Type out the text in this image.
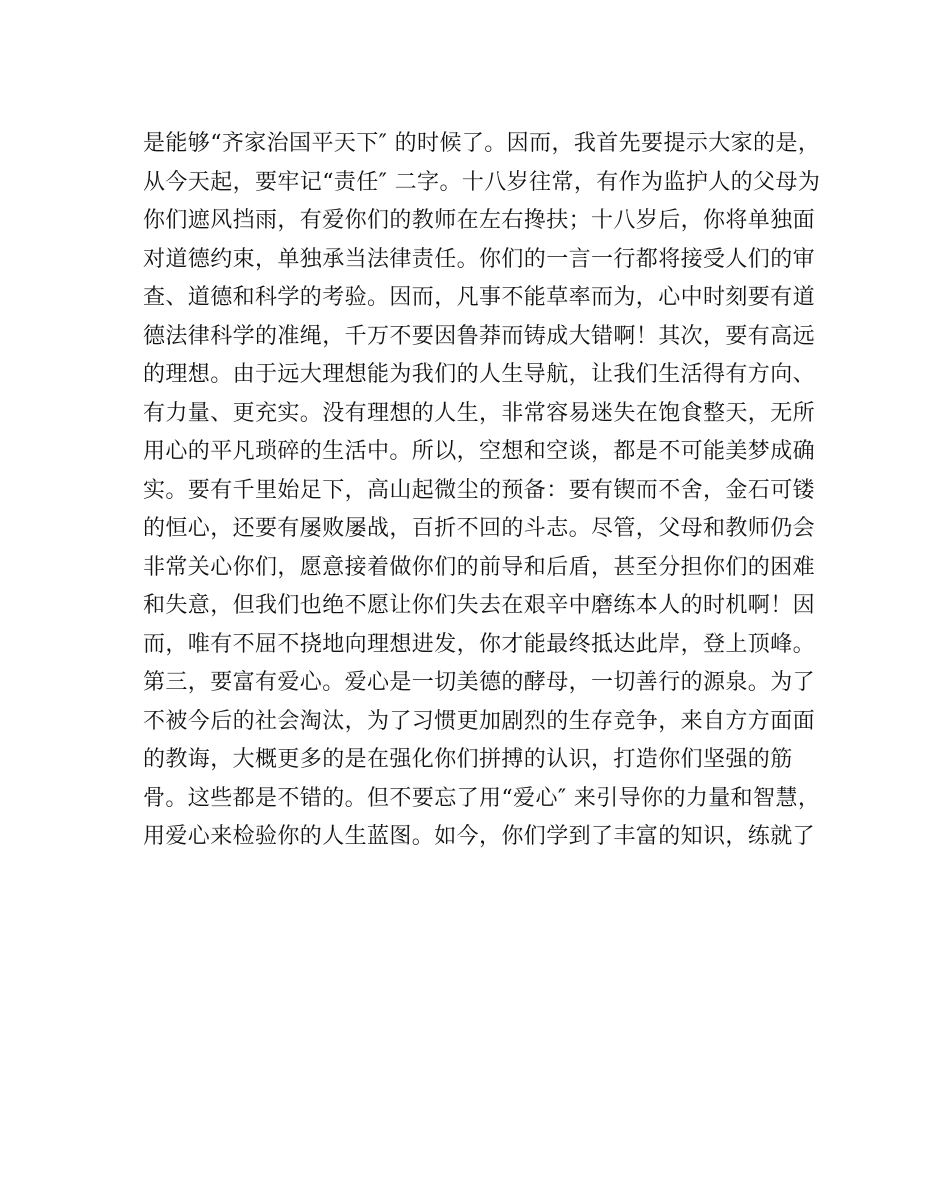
是能够“齐家治国平天下″ 的时候了。因而，我首先要提示大家的是，
从今天起，要牢记“责任″ 二字。十八岁往常，有作为监护人的父母为
你们遮风挡雨，有爱你们的教师在左右搀扶；十八岁后，你将单独面
对道德约束，单独承当法律责任。你们的一言一行都将接受人们的审
查、道德和科学的考验。因而，凡事不能草率而为，心中时刻要有道
德法律科学的准绳，千万不要因鲁莽而铸成大错啊！其次，要有高远
的理想。由于远大理想能为我们的人生导航，让我们生活得有方向、
有力量、更充实。没有理想的人生，非常容易迷失在饱食整天，无所
用心的平凡琐碎的生活中。所以，空想和空谈，都是不可能美梦成确
实。要有千里始足下，高山起微尘的预备：要有锲而不舍，金石可镂
的恒心，还要有屡败屡战，百折不回的斗志。尽管，父母和教师仍会
非常关心你们，愿意接着做你们的前导和后盾，甚至分担你们的困难
和失意，但我们也绝不愿让你们失去在艰辛中磨练本人的时机啊！因
而，唯有不屈不挠地向理想进发，你才能最终抵达此岸，登上顶峰。
第三，要富有爱心。爱心是一切美德的酵母，一切善行的源泉。为了
不被今后的社会淘汰，为了习惯更加剧烈的生存竞争，来自方方面面
的教诲，大概更多的是在强化你们拼搏的认识，打造你们坚强的筋
骨。这些都是不错的。但不要忘了用“爱心″ 来引导你的力量和智慧，
用爱心来检验你的人生蓝图。如今，你们学到了丰富的知识，练就了
